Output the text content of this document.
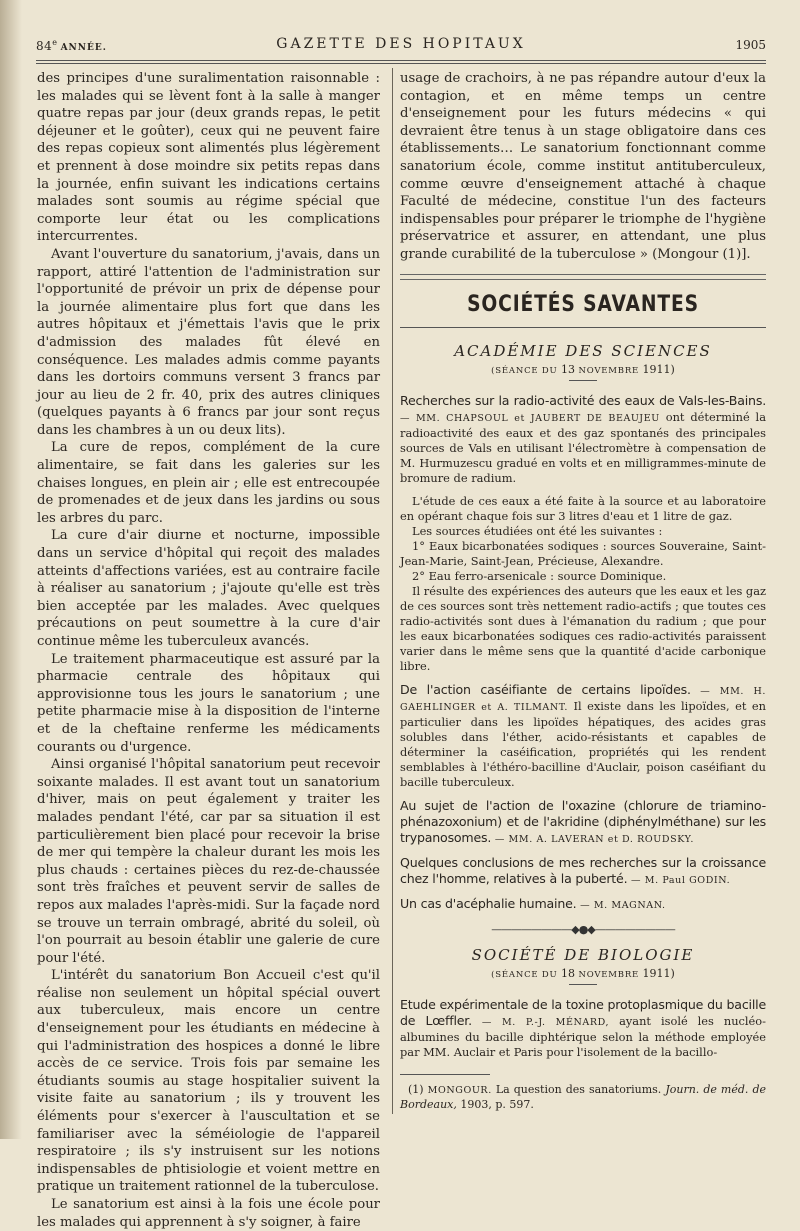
84e ANNÉE.	GAZETTE DES HOPITAUX	1905

des principes d'une suralimentation raisonnable : les malades qui se lèvent font à la salle à manger quatre repas par jour (deux grands repas, le petit déjeuner et le goûter), ceux qui ne peuvent faire des repas copieux sont alimentés plus légèrement et prennent à dose moindre six petits repas dans la journée, enfin suivant les indications certains malades sont soumis au régime spécial que comporte leur état ou les complications intercurrentes.

Avant l'ouverture du sanatorium, j'avais, dans un rapport, attiré l'attention de l'administration sur l'opportunité de prévoir un prix de dépense pour la journée alimentaire plus fort que dans les autres hôpitaux et j'émettais l'avis que le prix d'admission des malades fût élevé en conséquence. Les malades admis comme payants dans les dortoirs communs versent 3 francs par jour au lieu de 2 fr. 40, prix des autres cliniques (quelques payants à 6 francs par jour sont reçus dans les chambres à un ou deux lits).

La cure de repos, complément de la cure alimentaire, se fait dans les galeries sur les chaises longues, en plein air ; elle est entrecoupée de promenades et de jeux dans les jardins ou sous les arbres du parc.

La cure d'air diurne et nocturne, impossible dans un service d'hôpital qui reçoit des malades atteints d'affections variées, est au contraire facile à réaliser au sanatorium ; j'ajoute qu'elle est très bien acceptée par les malades. Avec quelques précautions on peut soumettre à la cure d'air continue même les tuberculeux avancés.

Le traitement pharmaceutique est assuré par la pharmacie centrale des hôpitaux qui approvisionne tous les jours le sanatorium ; une petite pharmacie mise à la disposition de l'interne et de la cheftaine renferme les médicaments courants ou d'urgence.

Ainsi organisé l'hôpital sanatorium peut recevoir soixante malades. Il est avant tout un sanatorium d'hiver, mais on peut également y traiter les malades pendant l'été, car par sa situation il est particulièrement bien placé pour recevoir la brise de mer qui tempère la chaleur durant les mois les plus chauds : certaines pièces du rez-de-chaussée sont très fraîches et peuvent servir de salles de repos aux malades l'après-midi. Sur la façade nord se trouve un terrain ombragé, abrité du soleil, où l'on pourrait au besoin établir une galerie de cure pour l'été.

L'intérêt du sanatorium Bon Accueil c'est qu'il réalise non seulement un hôpital spécial ouvert aux tuberculeux, mais encore un centre d'enseignement pour les étudiants en médecine à qui l'administration des hospices a donné le libre accès de ce service. Trois fois par semaine les étudiants soumis au stage hospitalier suivent la visite faite au sanatorium ; ils y trouvent les éléments pour s'exercer à l'auscultation et se familiariser avec la séméiologie de l'appareil respiratoire ; ils s'y instruisent sur les notions indispensables de phtisiologie et voient mettre en pratique un traitement rationnel de la tuberculose.

Le sanatorium est ainsi à la fois une école pour les malades qui apprennent à s'y soigner, à faire

usage de crachoirs, à ne pas répandre autour d'eux la contagion, et en même temps un centre d'enseignement pour les futurs médecins « qui devraient être tenus à un stage obligatoire dans ces établissements… Le sanatorium fonctionnant comme sanatorium école, comme institut antituberculeux, comme œuvre d'enseignement attaché à chaque Faculté de médecine, constitue l'un des facteurs indispensables pour préparer le triomphe de l'hygiène préservatrice et assurer, en attendant, une plus grande curabilité de la tuberculose » (Mongour (1)].

SOCIÉTÉS SAVANTES
ACADÉMIE DES SCIENCES
(SÉANCE DU 13 NOVEMBRE 1911)
Recherches sur la radio-activité des eaux de Vals-les-Bains. — MM. CHAPSOUL et JAUBERT DE BEAUJEU ont déterminé la radioactivité des eaux et des gaz spontanés des principales sources de Vals en utilisant l'électromètre à compensation de M. Hurmuzescu gradué en volts et en milligrammes-minute de bromure de radium.

L'étude de ces eaux a été faite à la source et au laboratoire en opérant chaque fois sur 3 litres d'eau et 1 litre de gaz.

Les sources étudiées ont été les suivantes :

1° Eaux bicarbonatées sodiques : sources Souveraine, Saint-Jean-Marie, Saint-Jean, Précieuse, Alexandre.

2° Eau ferro-arsenicale : source Dominique.

Il résulte des expériences des auteurs que les eaux et les gaz de ces sources sont très nettement radio-actifs ; que toutes ces radio-activités sont dues à l'émanation du radium ; que pour les eaux bicarbonatées sodiques ces radio-activités paraissent varier dans le même sens que la quantité d'acide carbonique libre.

De l'action caséifiante de certains lipoïdes. — MM. H. GAEHLINGER et A. TILMANT. Il existe dans les lipoïdes, et en particulier dans les lipoïdes hépatiques, des acides gras solubles dans l'éther, acido-résistants et capables de déterminer la caséification, propriétés qui les rendent semblables à l'éthéro-bacilline d'Auclair, poison caséifiant du bacille tuberculeux.
Au sujet de l'action de l'oxazine (chlorure de triamino-phénazoxonium) et de l'akridine (diphénylméthane) sur les trypanosomes. — MM. A. LAVERAN et D. ROUDSKY.
Quelques conclusions de mes recherches sur la croissance chez l'homme, relatives à la puberté. — M. Paul GODIN.
Un cas d'acéphalie humaine. — M. MAGNAN.
————————◆●◆————————
SOCIÉTÉ DE BIOLOGIE
(SÉANCE DU 18 NOVEMBRE 1911)
Etude expérimentale de la toxine protoplasmique du bacille de Lœffler. — M. P.-J. MÉNARD, ayant isolé les nucléo-albumines du bacille diphtérique selon la méthode employée par MM. Auclair et Paris pour l'isolement de la bacillo-
(1) MONGOUR. La question des sanatoriums. Journ. de méd. de Bordeaux, 1903, p. 597.
